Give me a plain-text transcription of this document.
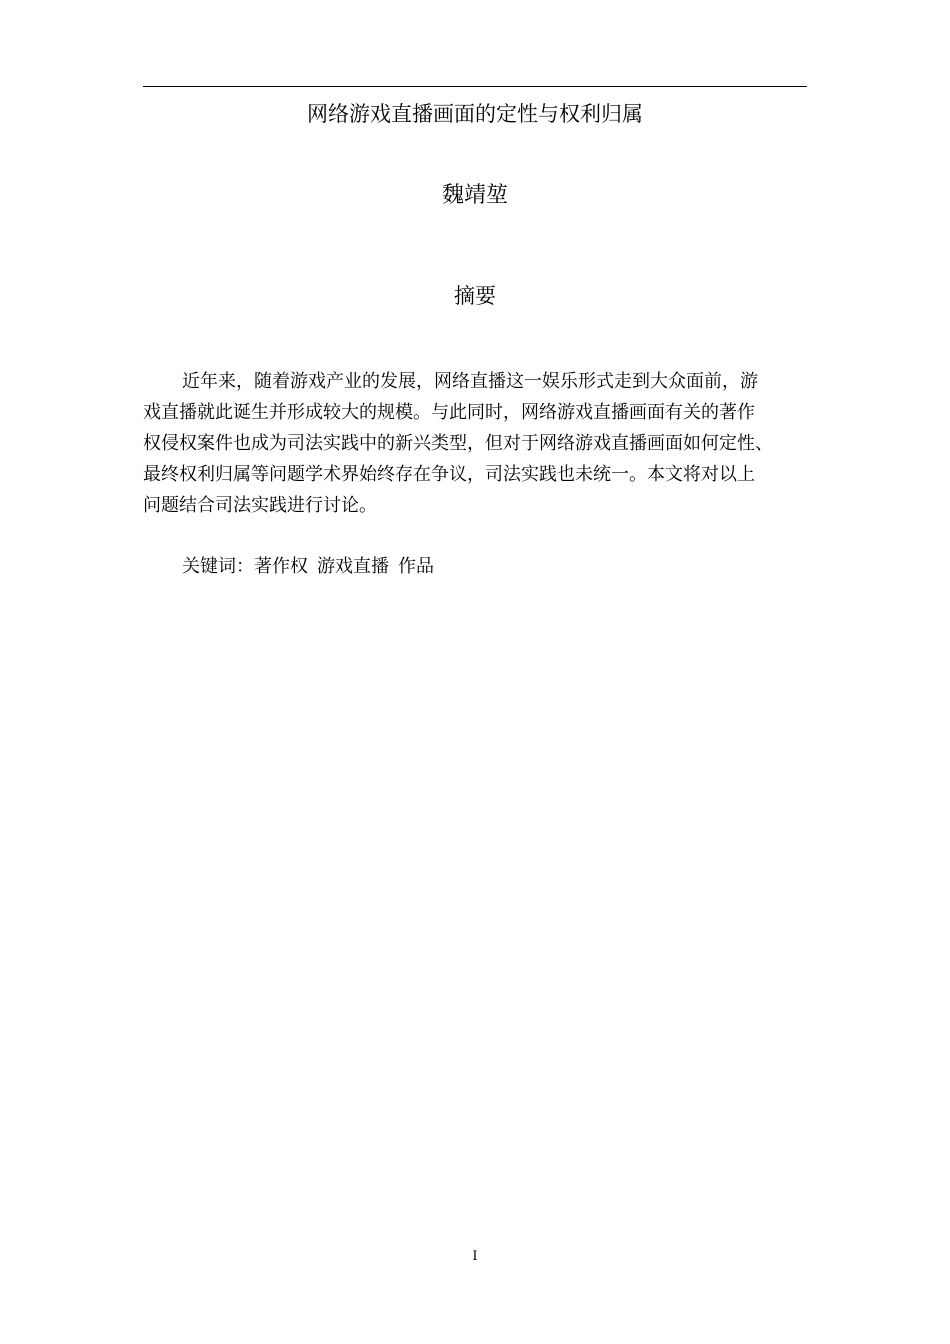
网络游戏直播画面的定性与权利归属
魏靖堃
摘要

近年来，随着游戏产业的发展，网络直播这一娱乐形式走到大众面前，游
戏直播就此诞生并形成较大的规模。与此同时，网络游戏直播画面有关的著作
权侵权案件也成为司法实践中的新兴类型，但对于网络游戏直播画面如何定性、
最终权利归属等问题学术界始终存在争议，司法实践也未统一。本文将对以上
问题结合司法实践进行讨论。

关键词：著作权 游戏直播 作品
I
